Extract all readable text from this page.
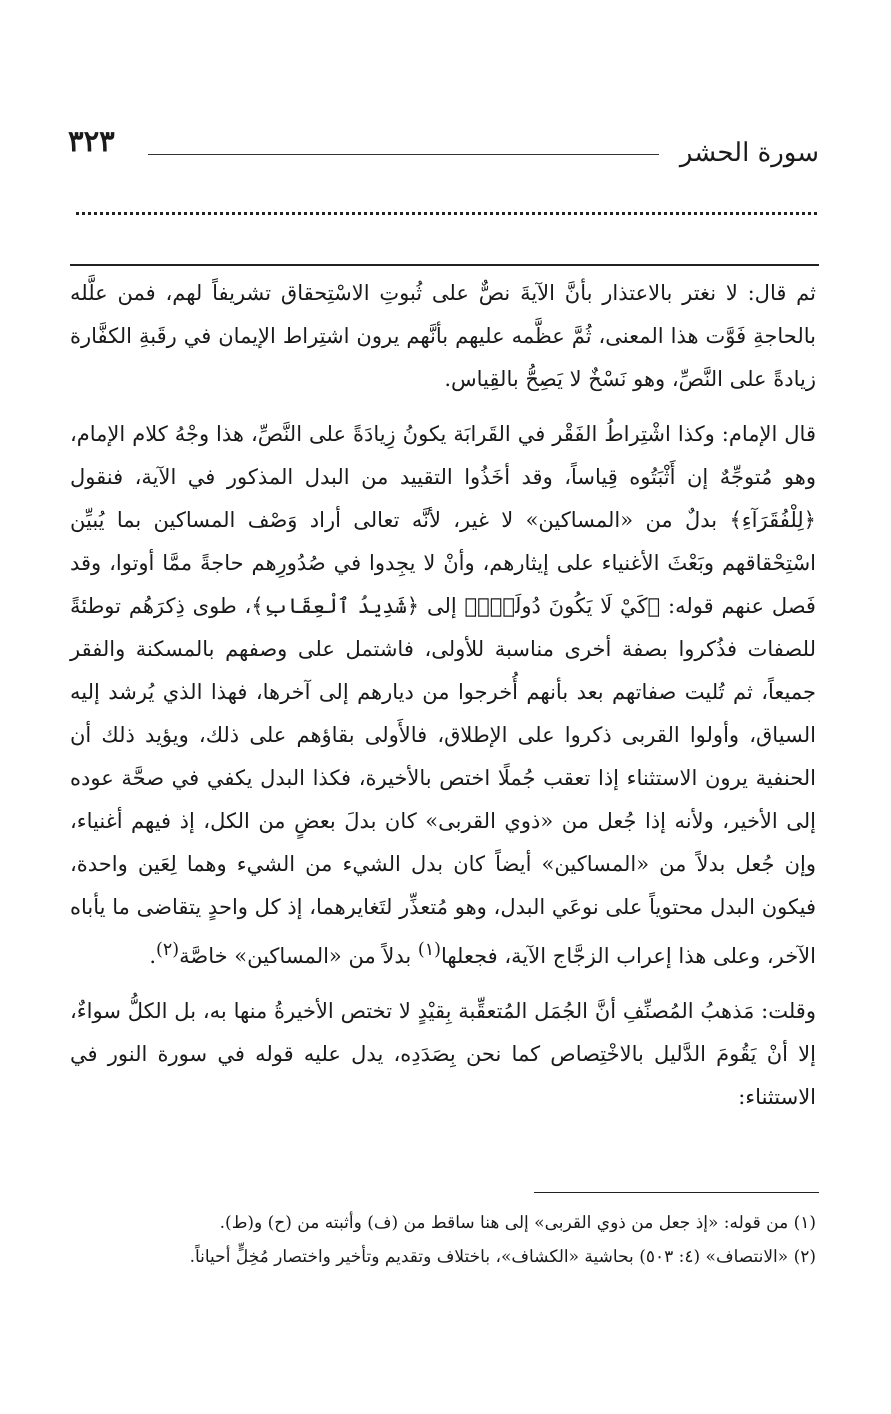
سورة الحشر
٣٢٣

ثم قال: لا نغتر بالاعتذار بأنَّ الآيةَ نصٌّ على ثُبوتِ الاسْتِحقاق تشريفاً لهم، فمن علَّله بالحاجةِ فَوَّت هذا المعنى، ثُمَّ عظَّمه عليهم بأنَّهم يرون اشتِراط الإيمان في رقَبةِ الكفَّارة زيادةً على النَّصِّ، وهو نَسْخٌ لا يَصِحُّ بالقِياس.

قال الإمام: وكذا اشْتِراطُ الفَقْر في القَرابَة يكونُ زِيادَةً على النَّصِّ، هذا وجْهُ كلام الإمام، وهو مُتوجِّهٌ إن أَثْبَتُوه قِياساً، وقد أخَذُوا التقييد من البدل المذكور في الآية، فنقول ﴿لِلْفُقَرَآءِ﴾ بدلٌ من «المساكين» لا غير، لأنَّه تعالى أراد وَصْف المساكين بما يُبيِّن اسْتِحْقاقهم وبَعْثَ الأغنياء على إيثارهم، وأنْ لا يجِدوا في صُدُورِهم حاجةً ممَّا أوتوا، وقد فَصل عنهم قوله: ﴿كَيْ لَا يَكُونَ دُولَةًۢ﴾ إلى ﴿شَدِيدُ ٱلْعِقَابِ﴾، طوى ذِكرَهُم توطئةً للصفات فذُكروا بصفة أخرى مناسبة للأولى، فاشتمل على وصفهم بالمسكنة والفقر جميعاً، ثم تُليت صفاتهم بعد بأنهم أُخرجوا من ديارهم إلى آخرها، فهذا الذي يُرشد إليه السياق، وأولوا القربى ذكروا على الإطلاق، فالأَولى بقاؤهم على ذلك، ويؤيد ذلك أن الحنفية يرون الاستثناء إذا تعقب جُملًا اختص بالأخيرة، فكذا البدل يكفي في صحَّة عوده إلى الأخير، ولأنه إذا جُعل من «ذوي القربى» كان بدلَ بعضٍ من الكل، إذ فيهم أغنياء، وإن جُعل بدلاً من «المساكين» أيضاً كان بدل الشيء من الشيء وهما لِعَين واحدة، فيكون البدل محتوياً على نوعَي البدل، وهو مُتعذِّر لتَغايرهما، إذ كل واحدٍ يتقاضى ما يأباه الآخر، وعلى هذا إعراب الزجَّاج الآية، فجعلها$^{(١)}$ بدلاً من «المساكين» خاصَّة$^{(٢)}$.

وقلت: مَذهبُ المُصنِّفِ أنَّ الجُمَل المُتعقِّبة بِقيْدٍ لا تختص الأخيرةُ منها به، بل الكلُّ سواءٌ، إلا أنْ يَقُومَ الدَّليل بالاخْتِصاص كما نحن بِصَدَدِه، يدل عليه قوله في سورة النور في الاستثناء:

(١) من قوله: «إذ جعل من ذوي القربى» إلى هنا ساقط من (ف) وأثبته من (ح) و(ط).

(٢) «الانتصاف» (٤: ٥٠٣) بحاشية «الكشاف»، باختلاف وتقديم وتأخير واختصار مُخِلٍّ أحياناً.
